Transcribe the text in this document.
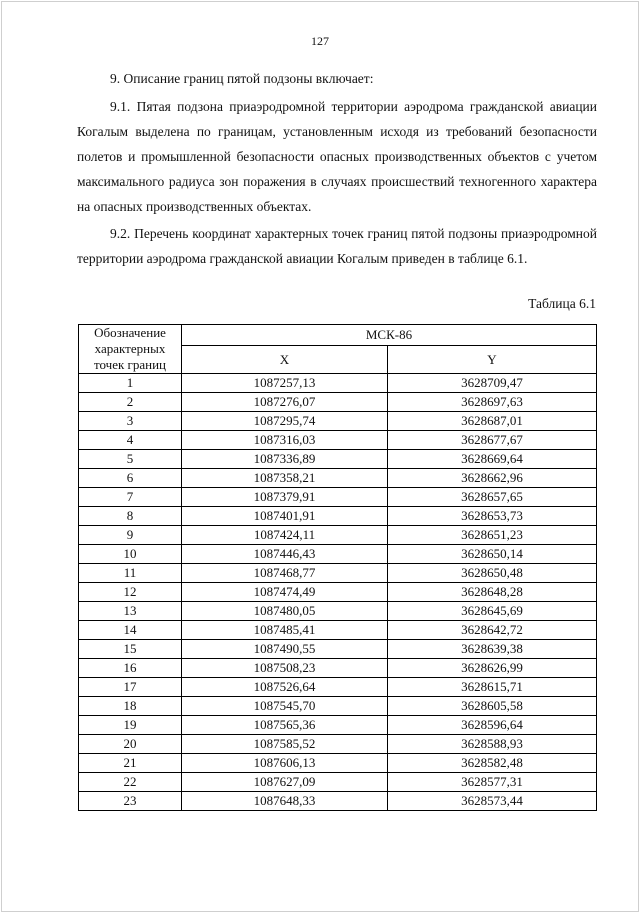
127

9. Описание границ пятой подзоны включает:

9.1. Пятая подзона приаэродромной территории аэродрома гражданской авиации Когалым выделена по границам, установленным исходя из требований безопасности полетов и промышленной безопасности опасных производственных объектов с учетом максимального радиуса зон поражения в случаях происшествий техногенного характера на опасных производственных объектах.

9.2. Перечень координат характерных точек границ пятой подзоны приаэродромной территории аэродрома гражданской авиации Когалым приведен в таблице 6.1.

Таблица 6.1
Обозначение характерных точек границ	МСК-86	
	X	Y
1	1087257,13	3628709,47
2	1087276,07	3628697,63
3	1087295,74	3628687,01
4	1087316,03	3628677,67
5	1087336,89	3628669,64
6	1087358,21	3628662,96
7	1087379,91	3628657,65
8	1087401,91	3628653,73
9	1087424,11	3628651,23
10	1087446,43	3628650,14
11	1087468,77	3628650,48
12	1087474,49	3628648,28
13	1087480,05	3628645,69
14	1087485,41	3628642,72
15	1087490,55	3628639,38
16	1087508,23	3628626,99
17	1087526,64	3628615,71
18	1087545,70	3628605,58
19	1087565,36	3628596,64
20	1087585,52	3628588,93
21	1087606,13	3628582,48
22	1087627,09	3628577,31
23	1087648,33	3628573,44
